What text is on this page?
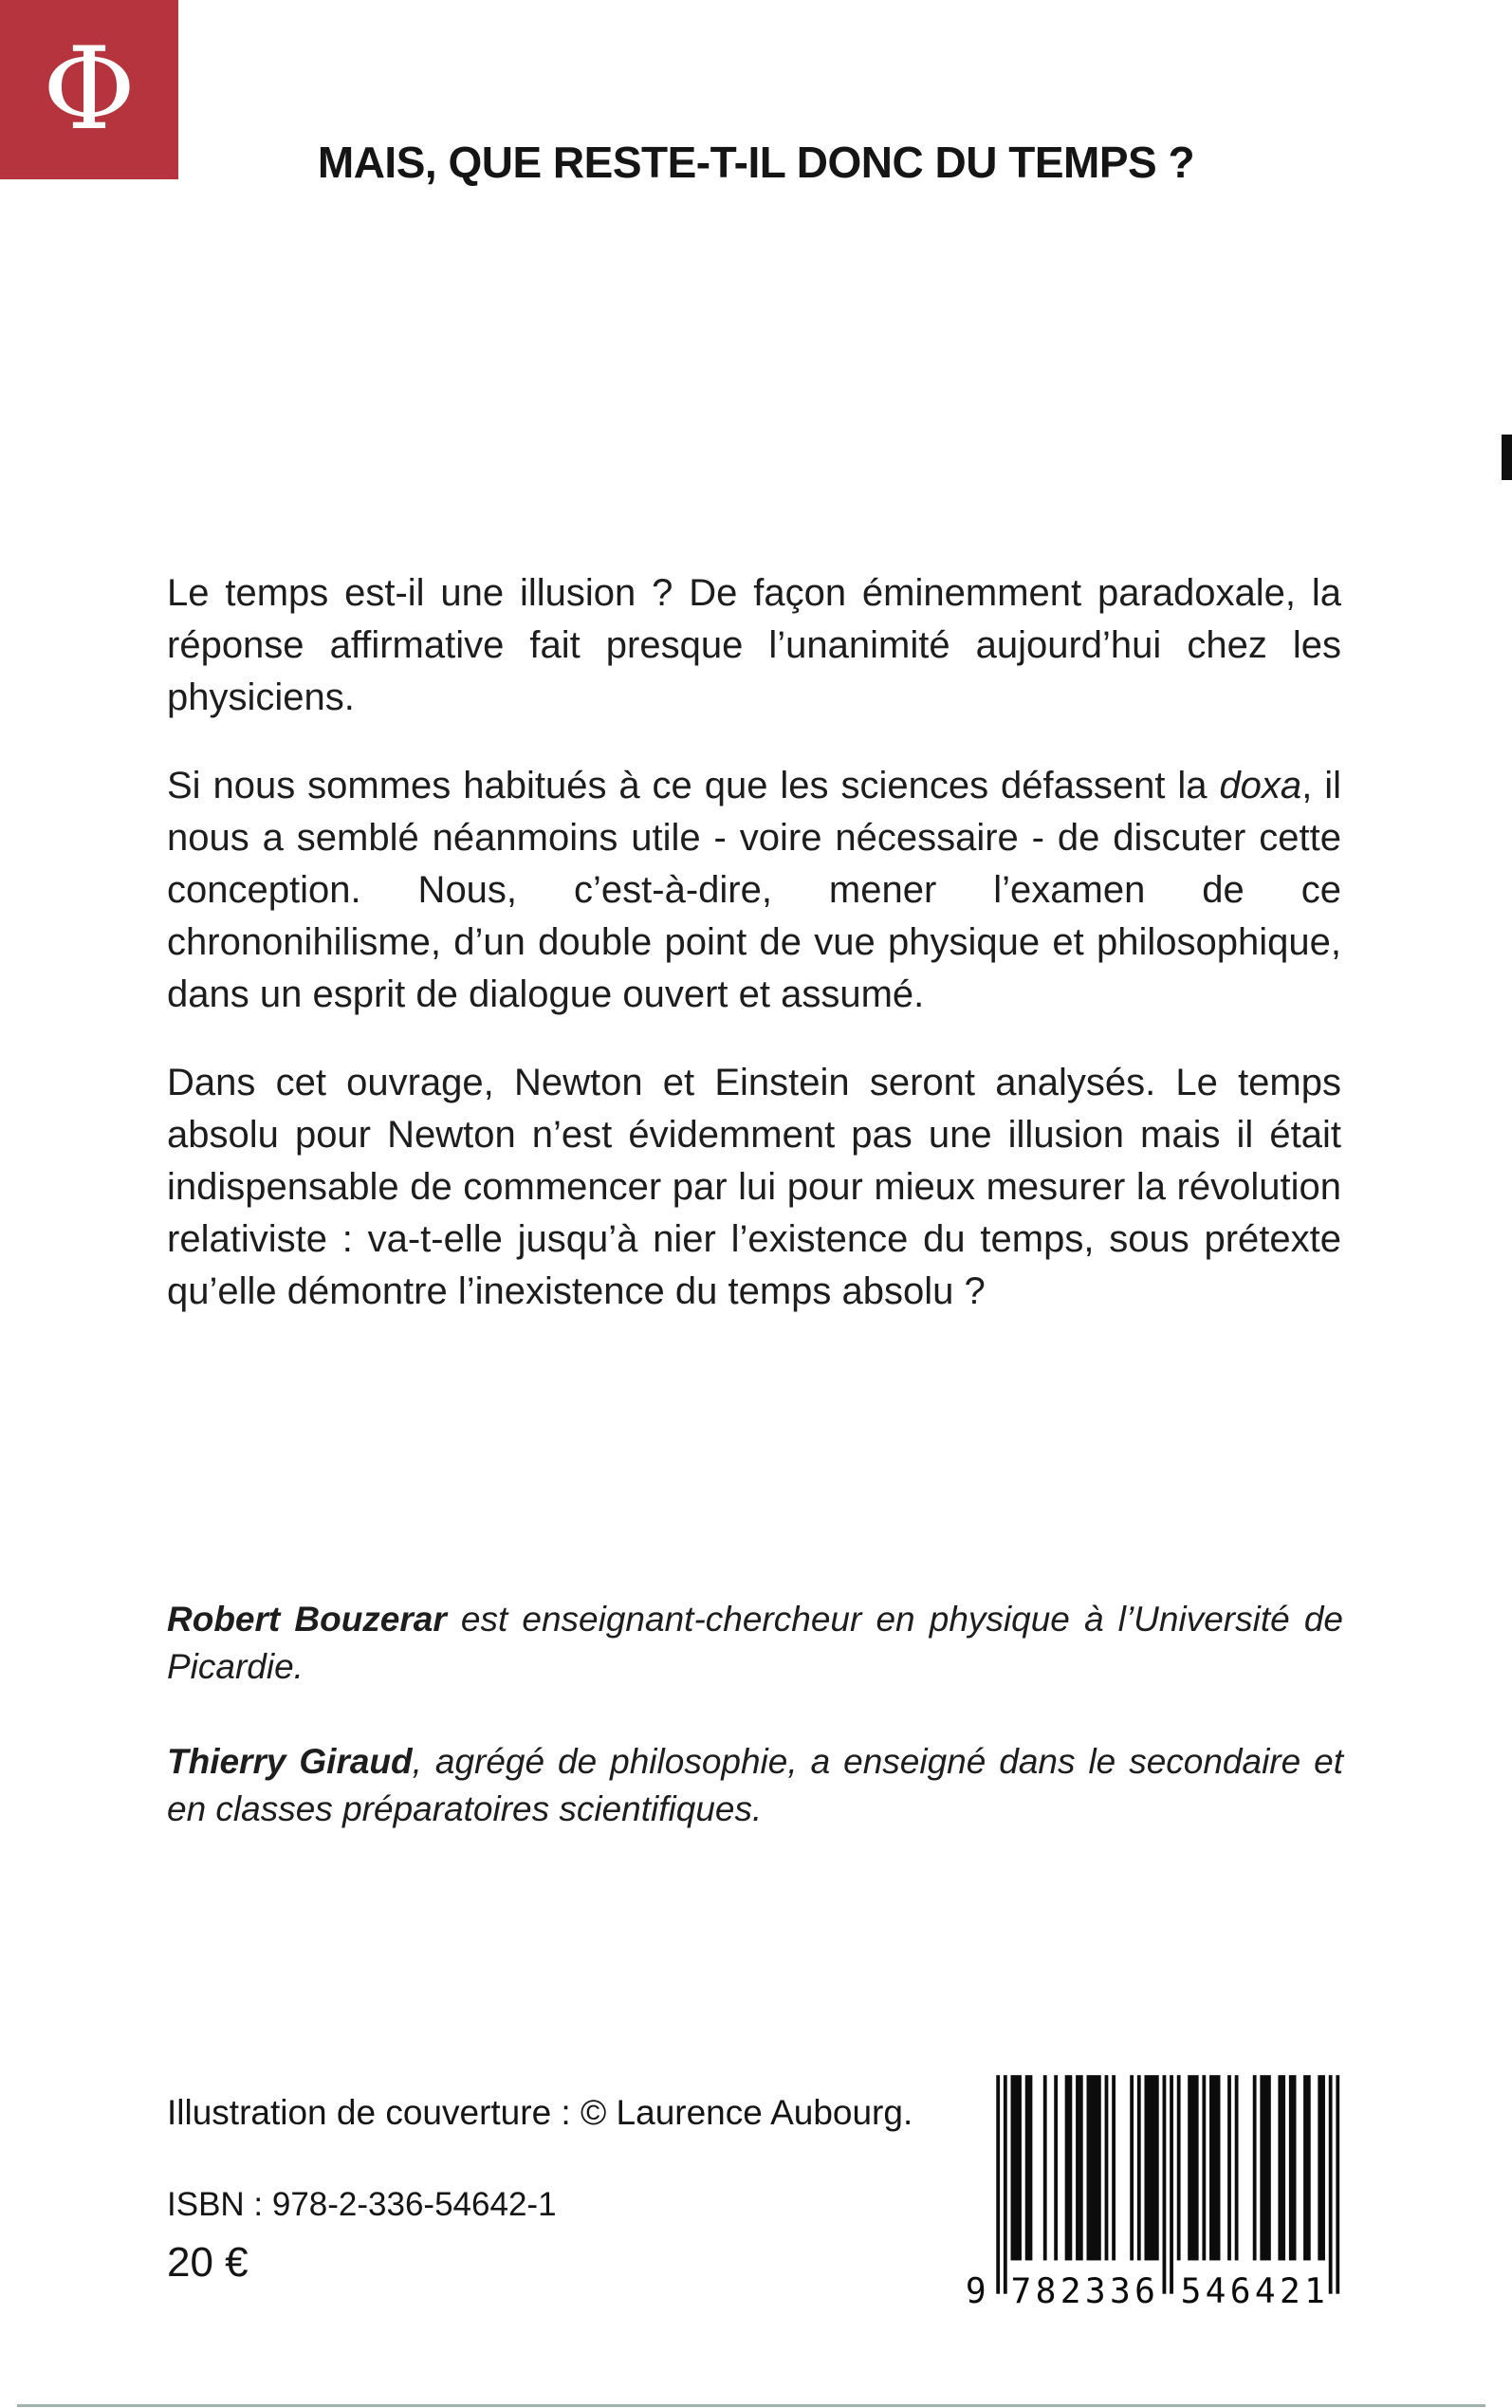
Φ
MAIS, QUE RESTE-T-IL DONC DU TEMPS ?

Le temps est-il une illusion ? De façon éminemment paradoxale, la réponse affirmative fait presque l’unanimité aujourd’hui chez les physiciens.

Si nous sommes habitués à ce que les sciences défassent la doxa, il nous a semblé néanmoins utile - voire nécessaire - de discuter cette conception. Nous, c’est-à-dire, mener l’examen de ce chrononihilisme, d’un double point de vue physique et philosophique, dans un esprit de dialogue ouvert et assumé.

Dans cet ouvrage, Newton et Einstein seront analysés. Le temps absolu pour Newton n’est évidemment pas une illusion mais il était indispensable de commencer par lui pour mieux mesurer la révolution relativiste : va-t-elle jusqu’à nier l’existence du temps, sous prétexte qu’elle démontre l’inexistence du temps absolu ?

Robert Bouzerar est enseignant-chercheur en physique à l’Université de Picardie.

Thierry Giraud, agrégé de philosophie, a enseigné dans le secondaire et en classes préparatoires scientifiques.

Illustration de couverture : © Laurence Aubourg.
ISBN : 978-2-336-54642-1
20 €
9 782336 546421
